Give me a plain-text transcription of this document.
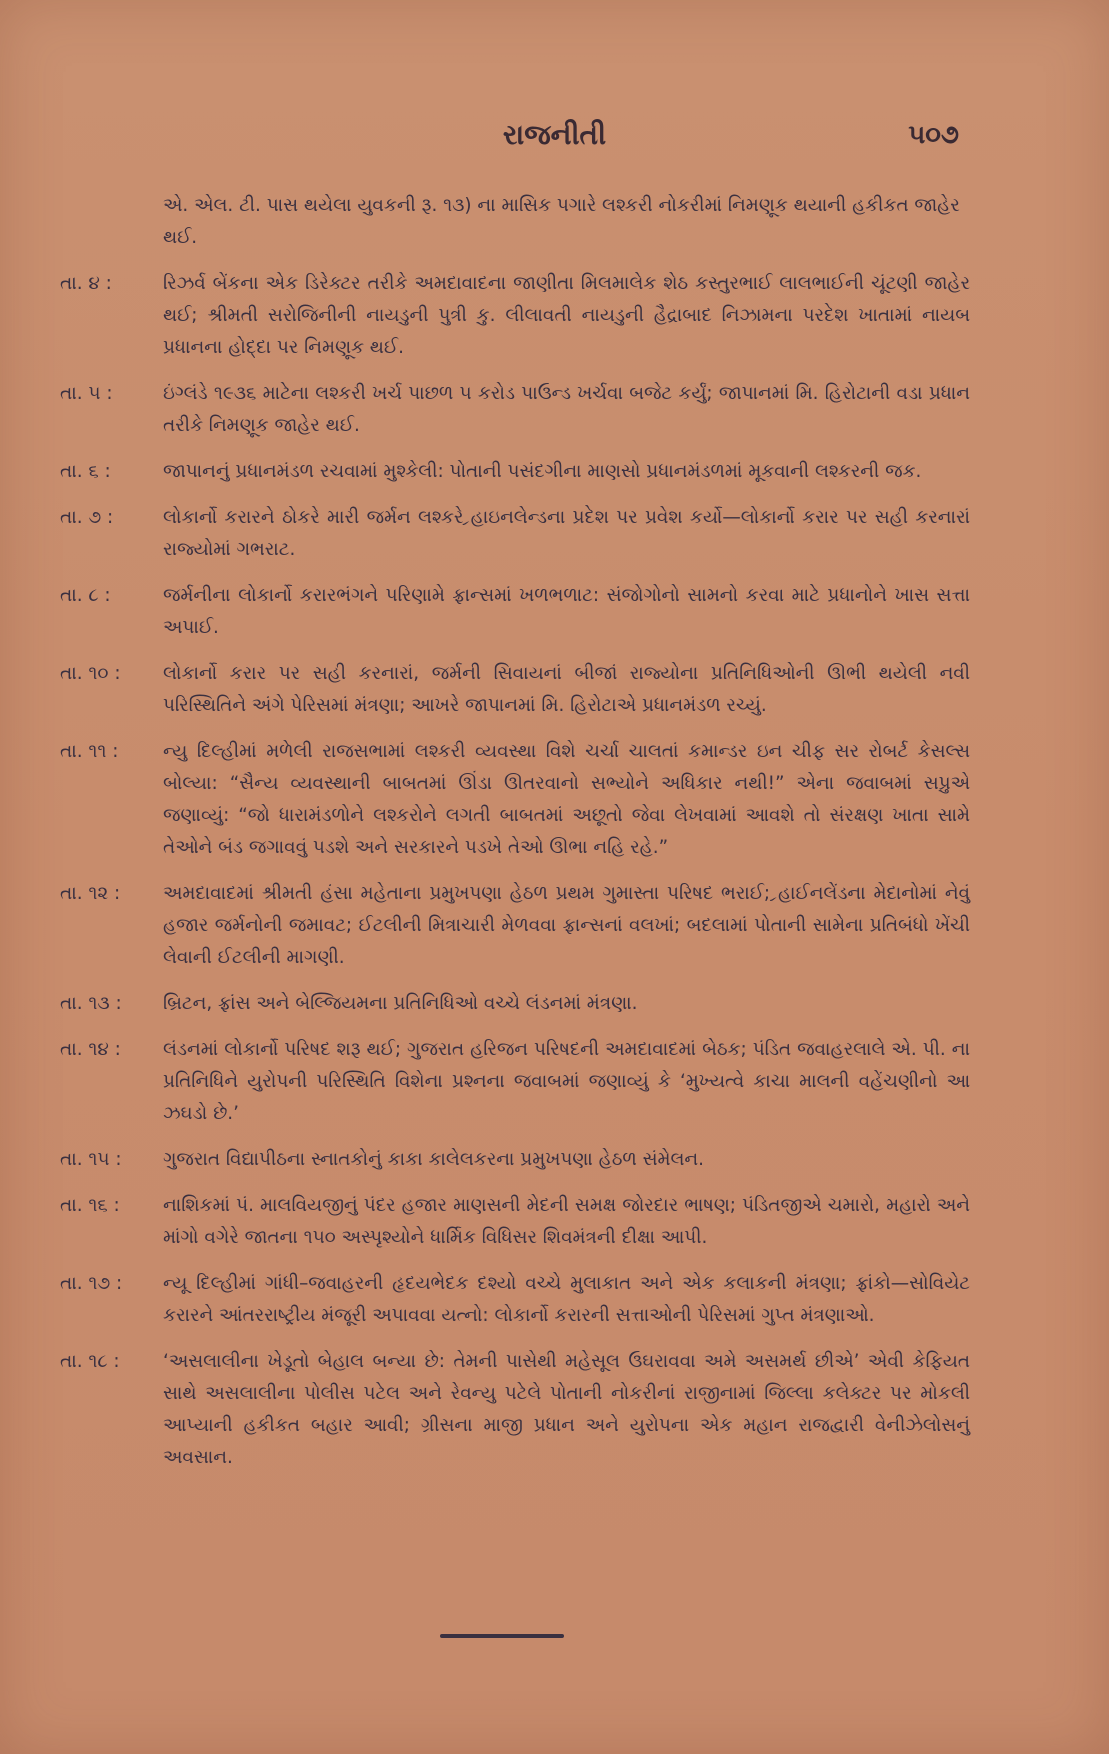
રાજનીતી	૫૦૭
એ. એલ. ટી. પાસ થયેલા યુવકની રૂ. ૧૩) ના માસિક પગારે લશ્કરી નોકરીમાં નિમણૂક થયાની હકીકત જાહેર થઈ.
તા. ૪ :	રિઝર્વ બેંકના એક ડિરેક્ટર તરીકે અમદાવાદના જાણીતા મિલમાલેક શેઠ કસ્તુરભાઈ લાલભાઈની ચૂંટણી જાહેર થઈ; શ્રીમતી સરોજિનીની નાયડુની પુત્રી કુ. લીલાવતી નાયડુની હૈદ્રાબાદ નિઝામના પરદેશ ખાતામાં નાયબ પ્રધાનના હોદ્દા પર નિમણૂક થઈ.
તા. ૫ :	ઇંગ્લંડે ૧૯૩૬ માટેના લશ્કરી ખર્ચ પાછળ ૫ કરોડ પાઉન્ડ ખર્ચવા બજેટ કર્યું; જાપાનમાં મિ. હિરોટાની વડા પ્રધાન તરીકે નિમણૂક જાહેર થઈ.
તા. ૬ :	જાપાનનું પ્રધાનમંડળ રચવામાં મુશ્કેલી: પોતાની પસંદગીના માણસો પ્રધાનમંડળમાં મૂકવાની લશ્કરની જક.
તા. ૭ :	લોકાર્નો કરારને ઠોકરે મારી જર્મન લશ્કરે ર્‍હાઇનલેન્ડના પ્રદેશ પર પ્રવેશ કર્યો—લોકાર્નો કરાર પર સહી કરનારાં રાજ્યોમાં ગભરાટ.
તા. ૮ :	જર્મનીના લોકાર્નો કરારભંગને પરિણામે ફ્રાન્સમાં ખળભળાટ: સંજોગોનો સામનો કરવા માટે પ્રધાનોને ખાસ સત્તા અપાઈ.
તા. ૧૦ :	લોકાર્નો કરાર પર સહી કરનારાં, જર્મની સિવાયનાં બીજાં રાજ્યોના પ્રતિનિધિઓની ઊભી થયેલી નવી પરિસ્થિતિને અંગે પેરિસમાં મંત્રણા; આખરે જાપાનમાં મિ. હિરોટાએ પ્રધાનમંડળ રચ્યું.
તા. ૧૧ :	ન્યુ દિલ્હીમાં મળેલી રાજસભામાં લશ્કરી વ્યવસ્થા વિશે ચર્ચા ચાલતાં કમાન્ડર ઇન ચીફ સર રોબર્ટ કેસલ્સ બોલ્યા: “સૈન્ય વ્યવસ્થાની બાબતમાં ઊંડા ઊતરવાનો સભ્યોને અધિકાર નથી!” એના જવાબમાં સપ્રુએ જણાવ્યું: “જો ધારામંડળોને લશ્કરોને લગતી બાબતમાં અછૂતો જેવા લેખવામાં આવશે તો સંરક્ષણ ખાતા સામે તેઓને બંડ જગાવવું પડશે અને સરકારને પડખે તેઓ ઊભા નહિ રહે.”
તા. ૧૨ :	અમદાવાદમાં શ્રીમતી હંસા મહેતાના પ્રમુખપણા હેઠળ પ્રથમ ગુમાસ્તા પરિષદ ભરાઈ; ર્‍હાઈનલેંડના મેદાનોમાં નેવું હજાર જર્મનોની જમાવટ; ઈટલીની મિત્રાચારી મેળવવા ફ્રાન્સનાં વલખાં; બદલામાં પોતાની સામેના પ્રતિબંધો ખેંચી લેવાની ઈટલીની માગણી.
તા. ૧૩ :	બ્રિટન, ફ્રાંસ અને બેલ્જિયમના પ્રતિનિધિઓ વચ્ચે લંડનમાં મંત્રણા.
તા. ૧૪ :	લંડનમાં લોકાર્નો પરિષદ શરૂ થઈ; ગુજરાત હરિજન પરિષદની અમદાવાદમાં બેઠક; પંડિત જવાહરલાલે એ. પી. ના પ્રતિનિધિને યુરોપની પરિસ્થિતિ વિશેના પ્રશ્નના જવાબમાં જણાવ્યું કે ‘મુખ્યત્વે કાચા માલની વહેંચણીનો આ ઝઘડો છે.’
તા. ૧૫ :	ગુજરાત વિદ્યાપીઠના સ્નાતકોનું કાકા કાલેલકરના પ્રમુખપણા હેઠળ સંમેલન.
તા. ૧૬ :	નાશિકમાં પં. માલવિયજીનું પંદર હજાર માણસની મેદની સમક્ષ જોરદાર ભાષણ; પંડિતજીએ ચમારો, મહારો અને માંગો વગેરે જાતના ૧૫૦ અસ્પૃશ્યોને ધાર્મિક વિધિસર શિવમંત્રની દીક્ષા આપી.
તા. ૧૭ :	ન્યૂ દિલ્હીમાં ગાંધી–જવાહરની હૃદયભેદક દશ્યો વચ્ચે મુલાકાત અને એક કલાકની મંત્રણા; ફ્રાંકો—સોવિયેટ કરારને આંતરરાષ્ટ્રીય મંજૂરી અપાવવા યત્નો: લોકાર્નો કરારની સત્તાઓની પેરિસમાં ગુપ્ત મંત્રણાઓ.
તા. ૧૮ :	‘અસલાલીના ખેડૂતો બેહાલ બન્યા છે: તેમની પાસેથી મહેસૂલ ઉઘરાવવા અમે અસમર્થ છીએ’ એવી કેફિયત સાથે અસલાલીના પોલીસ પટેલ અને રેવન્યુ પટેલે પોતાની નોકરીનાં રાજીનામાં જિલ્લા કલેક્ટર પર મોકલી આપ્યાની હકીકત બહાર આવી; ગ્રીસના માજી પ્રધાન અને યુરોપના એક મહાન રાજદ્વારી વેનીઝેલોસનું અવસાન.
